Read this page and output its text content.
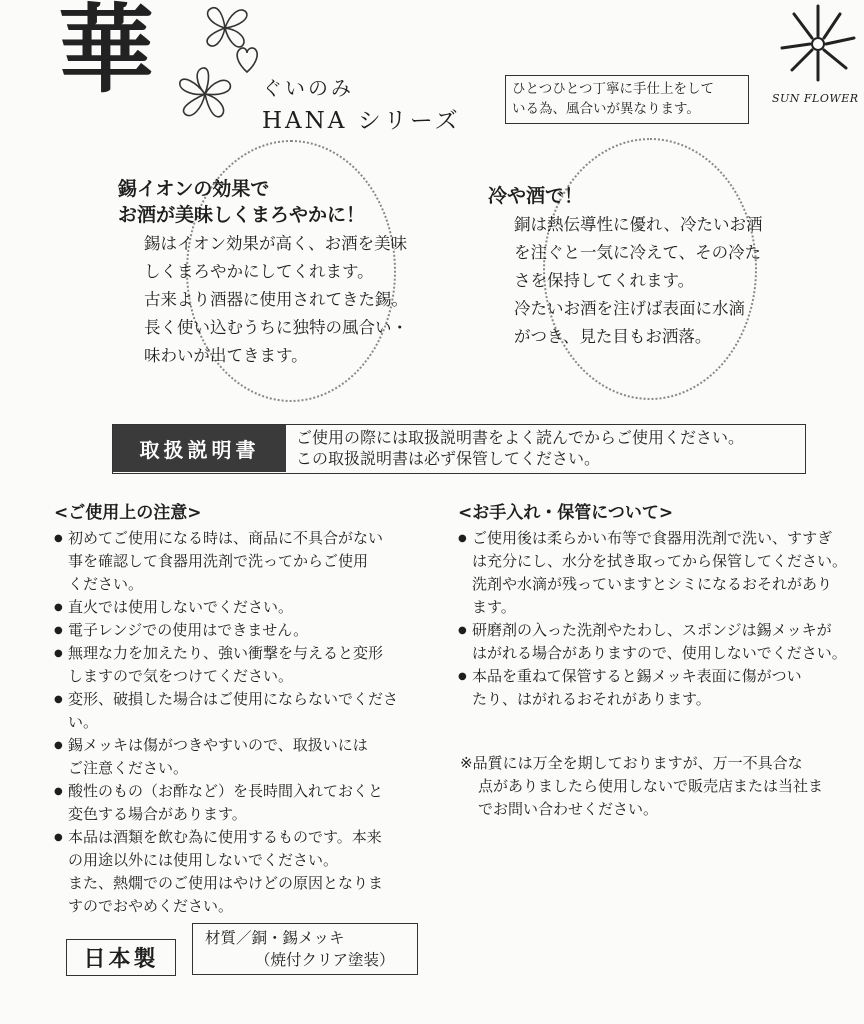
華	ぐいのみ
HANA シリーズ
ひとつひとつ丁寧に手仕上をして
いる為、風合いが異なります。
SUN FLOWER
錫イオンの効果で
お酒が美味しくまろやかに！
錫はイオン効果が高く、お酒を美味
しくまろやかにしてくれます。
古来より酒器に使用されてきた錫。
長く使い込むうちに独特の風合い・
味わいが出てきます。
冷や酒で！
銅は熱伝導性に優れ、冷たいお酒
を注ぐと一気に冷えて、その冷た
さを保持してくれます。
冷たいお酒を注げば表面に水滴
がつき、見た目もお洒落。
取扱説明書
ご使用の際には取扱説明書をよく読んでからご使用ください。
この取扱説明書は必ず保管してください。
<ご使用上の注意>
● 初めてご使用になる時は、商品に不具合がない
事を確認して食器用洗剤で洗ってからご使用
ください。
● 直火では使用しないでください。
● 電子レンジでの使用はできません。
● 無理な力を加えたり、強い衝撃を与えると変形
しますので気をつけてください。
● 変形、破損した場合はご使用にならないでください。
● 錫メッキは傷がつきやすいので、取扱いには
ご注意ください。
● 酸性のもの（お酢など）を長時間入れておくと
変色する場合があります。
● 本品は酒類を飲む為に使用するものです。本来
の用途以外には使用しないでください。
また、熱燗でのご使用はやけどの原因となりま
すのでおやめください。
<お手入れ・保管について>
● ご使用後は柔らかい布等で食器用洗剤で洗い、すすぎ
は充分にし、水分を拭き取ってから保管してください。
洗剤や水滴が残っていますとシミになるおそれがあり
ます。
● 研磨剤の入った洗剤やたわし、スポンジは錫メッキが
はがれる場合がありますので、使用しないでください。
● 本品を重ねて保管すると錫メッキ表面に傷がつい
たり、はがれるおそれがあります。
※品質には万全を期しておりますが、万一不具合な
点がありましたら使用しないで販売店または当社ま
でお問い合わせください。
日本製
材質／銅・錫メッキ
（焼付クリア塗装）
